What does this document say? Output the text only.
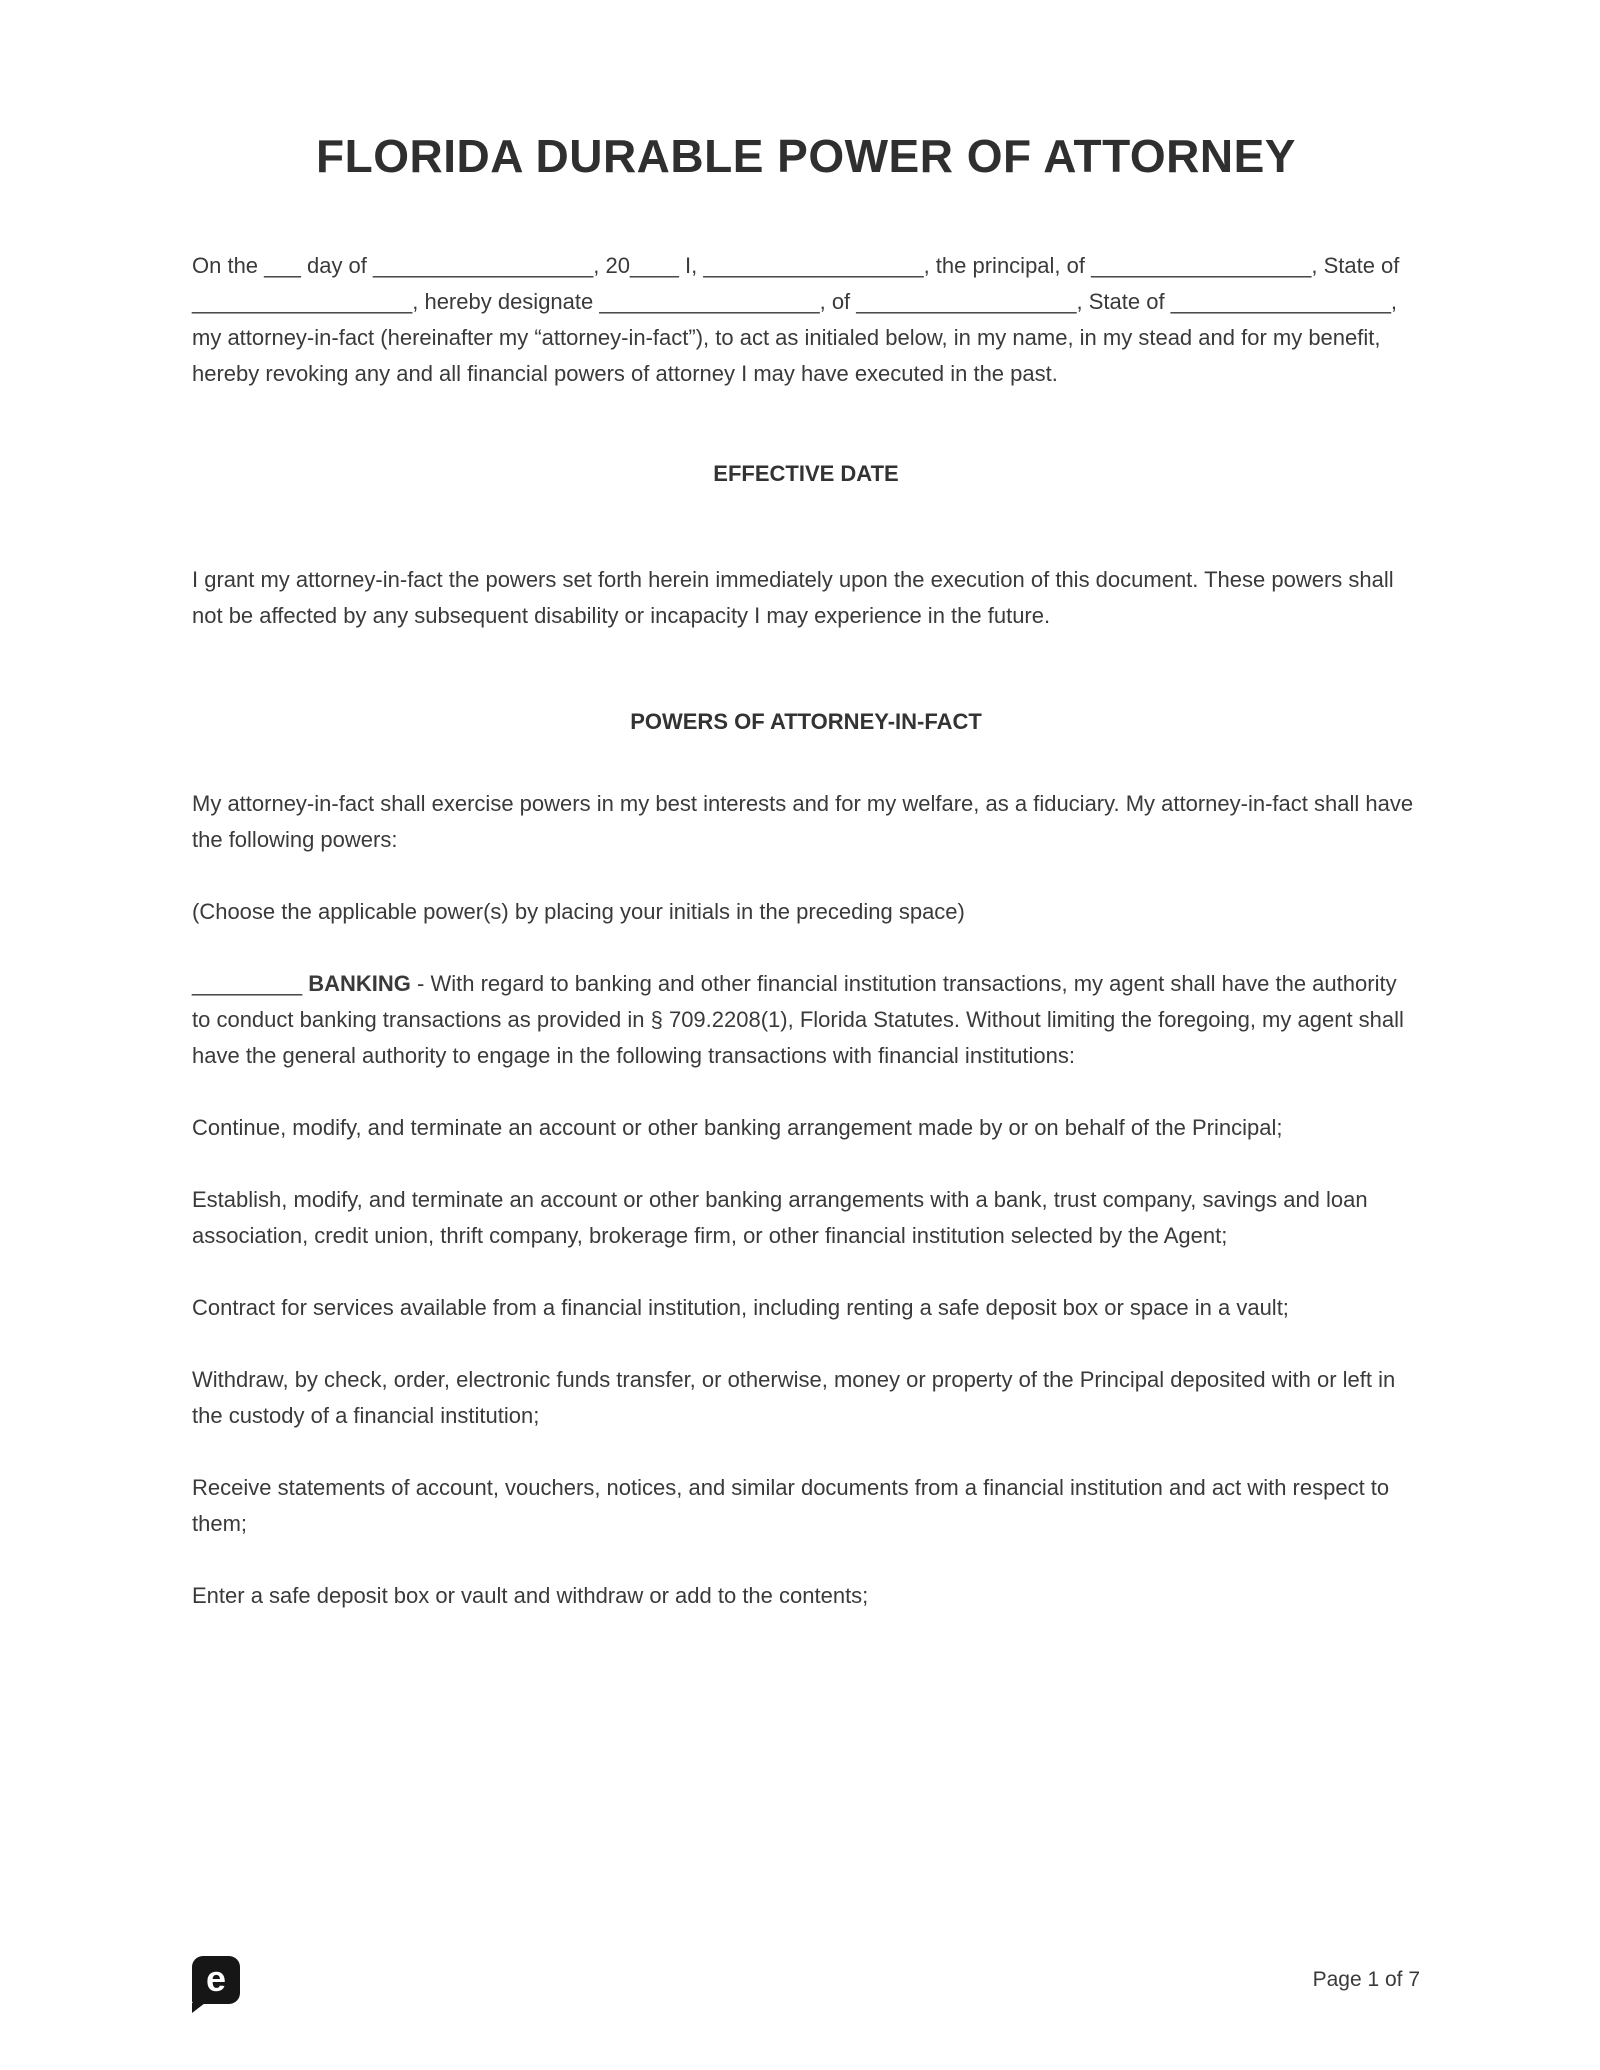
FLORIDA DURABLE POWER OF ATTORNEY

On the ___ day of __________________, 20____ I, __________________, the principal, of __________________, State of __________________, hereby designate __________________, of __________________, State of __________________, my attorney-in-fact (hereinafter my “attorney-in-fact”), to act as initialed below, in my name, in my stead and for my benefit, hereby revoking any and all financial powers of attorney I may have executed in the past.

EFFECTIVE DATE

I grant my attorney-in-fact the powers set forth herein immediately upon the execution of this document. These powers shall not be affected by any subsequent disability or incapacity I may experience in the future.

POWERS OF ATTORNEY-IN-FACT

My attorney-in-fact shall exercise powers in my best interests and for my welfare, as a fiduciary. My attorney-in-fact shall have the following powers:

(Choose the applicable power(s) by placing your initials in the preceding space)

_________ BANKING - With regard to banking and other financial institution transactions, my agent shall have the authority to conduct banking transactions as provided in § 709.2208(1), Florida Statutes. Without limiting the foregoing, my agent shall have the general authority to engage in the following transactions with financial institutions:

Continue, modify, and terminate an account or other banking arrangement made by or on behalf of the Principal;

Establish, modify, and terminate an account or other banking arrangements with a bank, trust company, savings and loan association, credit union, thrift company, brokerage firm, or other financial institution selected by the Agent;

Contract for services available from a financial institution, including renting a safe deposit box or space in a vault;

Withdraw, by check, order, electronic funds transfer, or otherwise, money or property of the Principal deposited with or left in the custody of a financial institution;

Receive statements of account, vouchers, notices, and similar documents from a financial institution and act with respect to them;

Enter a safe deposit box or vault and withdraw or add to the contents;

e	Page 1 of 7
